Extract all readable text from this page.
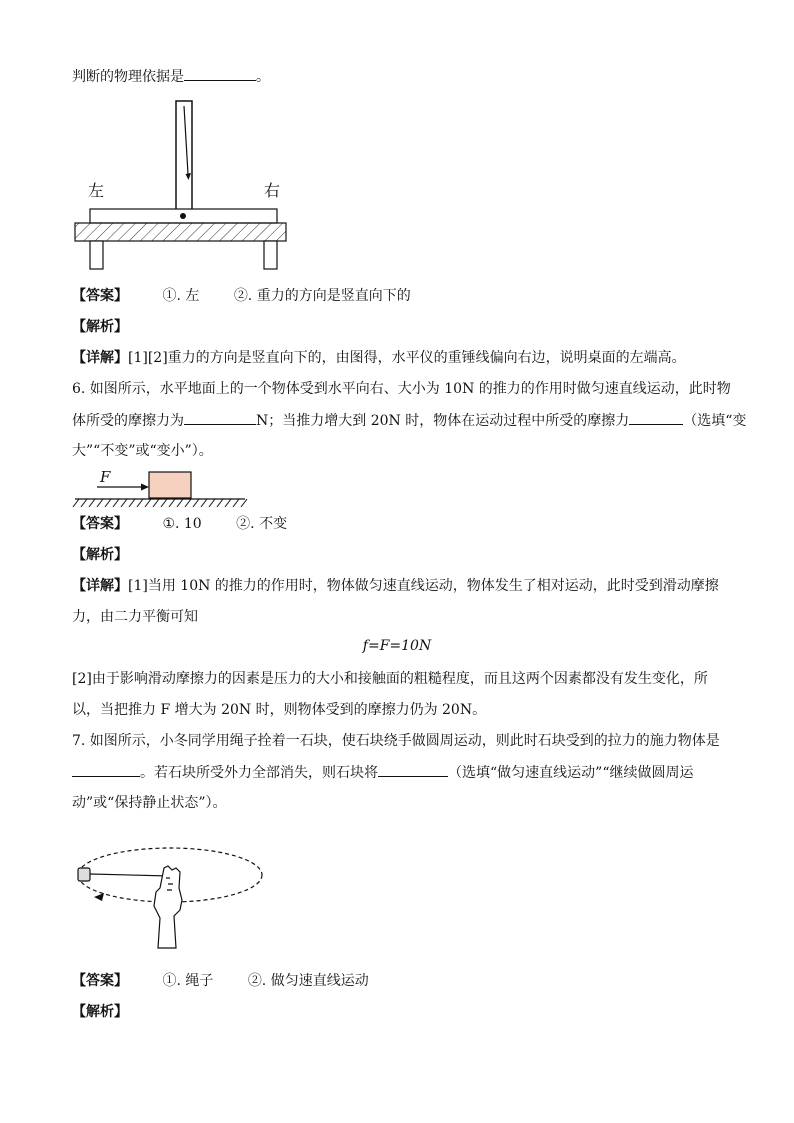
判断的物理依据是	。
左	右
【答案】 ①. 左 ②. 重力的方向是竖直向下的
【解析】
【详解】[1][2]重力的方向是竖直向下的，由图得，水平仪的重锤线偏向右边，说明桌面的左端高。
6. 如图所示，水平地面上的一个物体受到水平向右、大小为 10N 的推力的作用时做匀速直线运动，此时物
体所受的摩擦力为	N；当推力增大到 20N 时，物体在运动过程中所受的摩擦力	（选填“变
大”“不变”或“变小”）。
F
【答案】 ①. 10 ②. 不变
【解析】
【详解】[1]当用 10N 的推力的作用时，物体做匀速直线运动，物体发生了相对运动，此时受到滑动摩擦
力，由二力平衡可知
f=F=10N
[2]由于影响滑动摩擦力的因素是压力的大小和接触面的粗糙程度，而且这两个因素都没有发生变化，所
以，当把推力 F 增大为 20N 时，则物体受到的摩擦力仍为 20N。
7. 如图所示，小冬同学用绳子拴着一石块，使石块绕手做圆周运动，则此时石块受到的拉力的施力物体是
。若石块所受外力全部消失，则石块将	（选填“做匀速直线运动”“继续做圆周运
动”或“保持静止状态”）。
【答案】 ①. 绳子 ②. 做匀速直线运动
【解析】
